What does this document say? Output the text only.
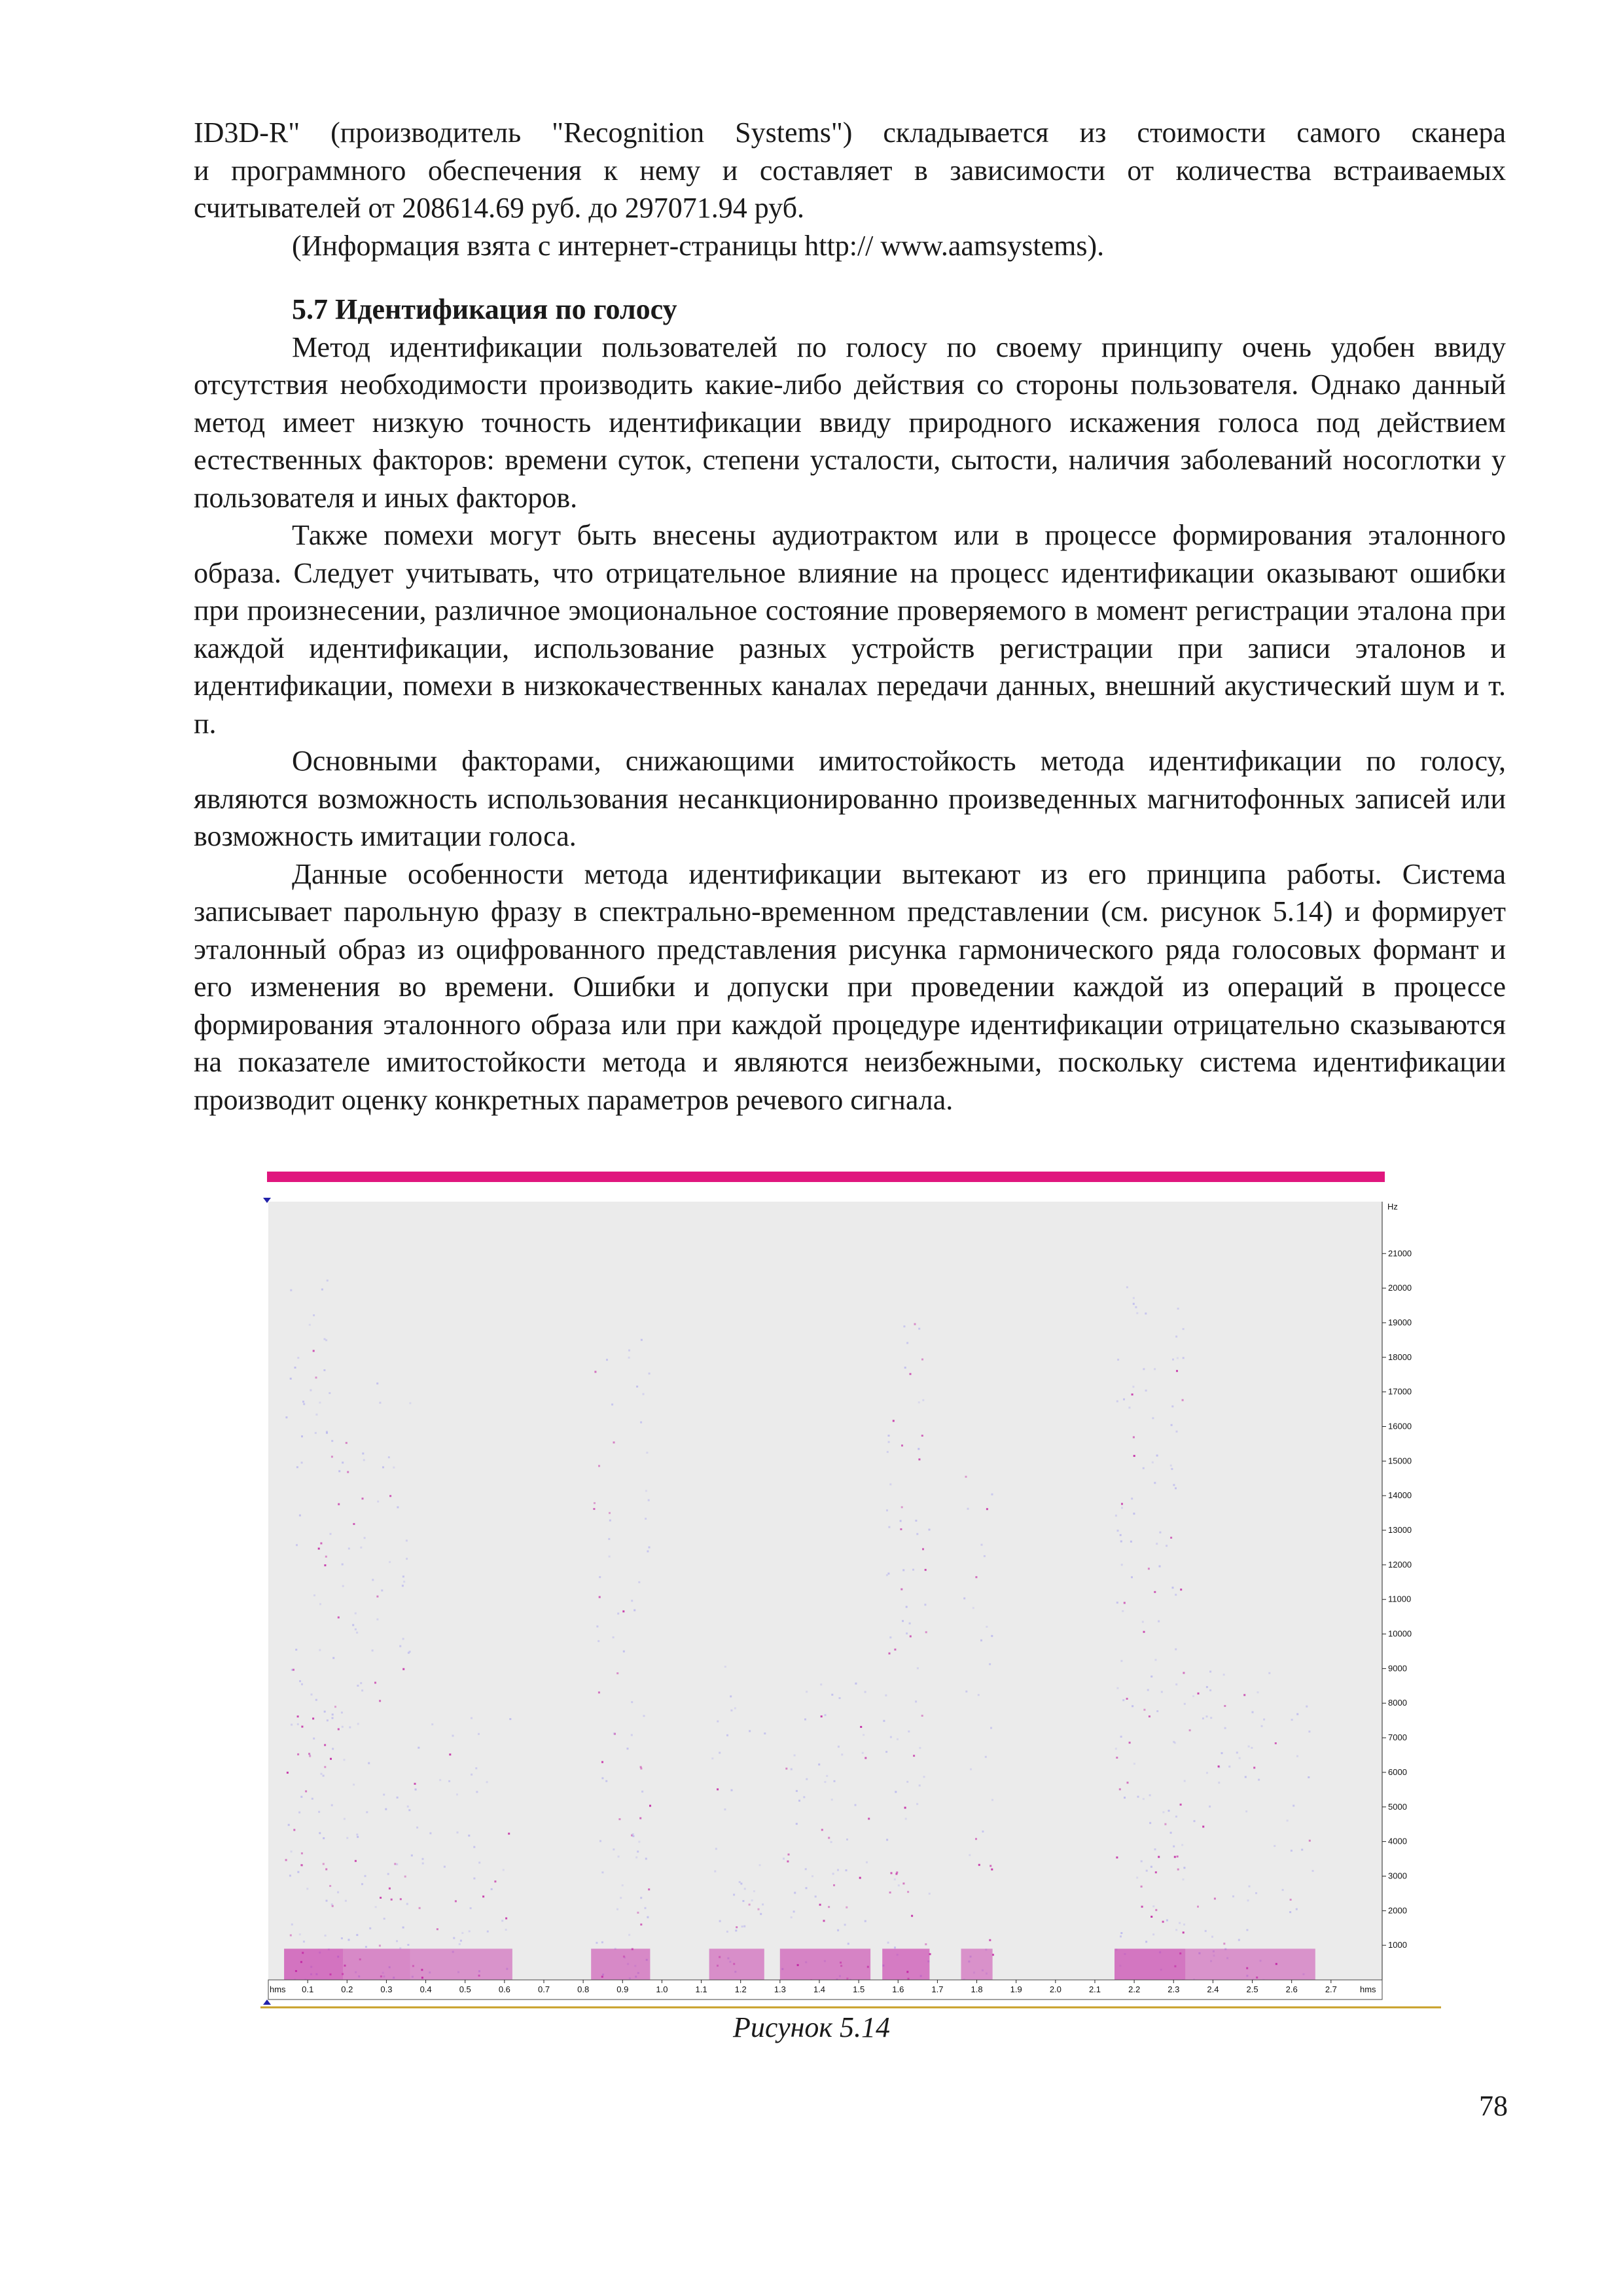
ID3D-R" (производитель "Recognition Systems") складывается из стоимости самого сканера

и программного обеспечения к нему и составляет в зависимости от количества встраиваемых

считывателей от 208614.69 руб. до 297071.94 руб.

(Информация взята с интернет-страницы http:// www.aamsystems).

5.7 Идентификация по голосу

Метод идентификации пользователей по голосу по своему принципу очень удобен ввиду отсутствия необходимости производить какие-либо действия со стороны пользователя. Однако данный метод имеет низкую точность идентификации ввиду природного искажения голоса под действием естественных факторов: времени суток, степени усталости, сытости, наличия заболеваний носоглотки у пользователя и иных факторов.

Также помехи могут быть внесены аудиотрактом или в процессе формирования эталонного образа. Следует учитывать, что отрицательное влияние на процесс идентификации оказывают ошибки при произнесении, различное эмоциональное состояние проверяемого в момент регистрации эталона при каждой идентификации, использование разных устройств регистрации при записи эталонов и идентификации, помехи в низкокачественных каналах передачи данных, внешний акустический шум и т. п.

Основными факторами, снижающими имитостойкость метода идентификации по голосу, являются возможность использования несанкционированно произведенных магнитофонных записей или возможность имитации голоса.

Данные особенности метода идентификации вытекают из его принципа работы. Система записывает парольную фразу в спектрально-временном представлении (см. рисунок 5.14) и формирует эталонный образ из оцифрованного представления рисунка гармонического ряда голосовых формант и его изменения во времени. Ошибки и допуски при проведении каждой из операций в процессе формирования эталонного образа или при каждой процедуре идентификации отрицательно сказываются на показателе имитостойкости метода и являются неизбежными, поскольку система идентификации производит оценку конкретных параметров речевого сигнала.

Hz
21000
20000
19000
18000
17000
16000
15000
14000
13000
12000
11000
10000
9000
8000
7000
6000
5000
4000
3000
2000
1000
hms	hms
0.1	0.2	0.3	0.4	0.5	0.6	0.7	0.8	0.9	1.0	1.1	1.2	1.3	1.4	1.5	1.6	1.7	1.8	1.9	2.0	2.1	2.2	2.3	2.4	2.5	2.6	2.7
Рисунок 5.14
78
